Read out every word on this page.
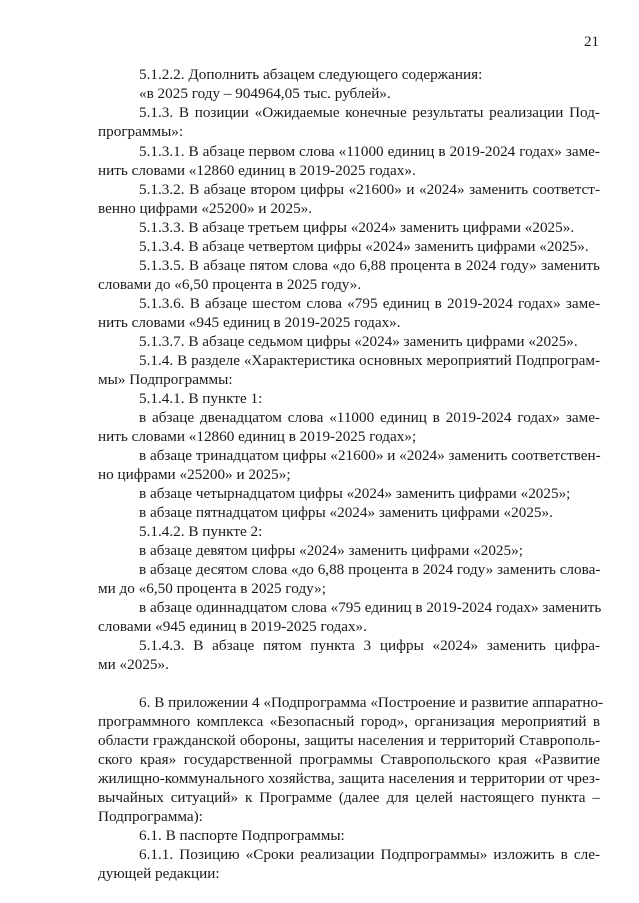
21
5.1.2.2. Дополнить абзацем следующего содержания:
«в 2025 году – 904964,05 тыс. рублей».
5.1.3. В позиции «Ожидаемые конечные результаты реализации Под-
программы»:
5.1.3.1. В абзаце первом слова «11000 единиц в 2019-2024 годах» заме-
нить словами «12860 единиц в 2019-2025 годах».
5.1.3.2. В абзаце втором цифры «21600» и «2024» заменить соответст-
венно цифрами «25200» и 2025».
5.1.3.3. В абзаце третьем цифры «2024» заменить цифрами «2025».
5.1.3.4. В абзаце четвертом цифры «2024» заменить цифрами «2025».
5.1.3.5. В абзаце пятом слова «до 6,88 процента в 2024 году» заменить
словами до «6,50 процента в 2025 году».
5.1.3.6. В абзаце шестом слова «795 единиц в 2019-2024 годах» заме-
нить словами «945 единиц в 2019-2025 годах».
5.1.3.7. В абзаце седьмом цифры «2024» заменить цифрами «2025».
5.1.4. В разделе «Характеристика основных мероприятий Подпрограм-
мы» Подпрограммы:
5.1.4.1. В пункте 1:
в абзаце двенадцатом слова «11000 единиц в 2019-2024 годах» заме-
нить словами «12860 единиц в 2019-2025 годах»;
в абзаце тринадцатом цифры «21600» и «2024» заменить соответствен-
но цифрами «25200» и 2025»;
в абзаце четырнадцатом цифры «2024» заменить цифрами «2025»;
в абзаце пятнадцатом цифры «2024» заменить цифрами «2025».
5.1.4.2. В пункте 2:
в абзаце девятом цифры «2024» заменить цифрами «2025»;
в абзаце десятом слова «до 6,88 процента в 2024 году» заменить слова-
ми до «6,50 процента в 2025 году»;
в абзаце одиннадцатом слова «795 единиц в 2019-2024 годах» заменить
словами «945 единиц в 2019-2025 годах».
5.1.4.3. В абзаце пятом пункта 3 цифры «2024» заменить цифра-
ми «2025».
6. В приложении 4 «Подпрограмма «Построение и развитие аппаратно-
программного комплекса «Безопасный город», организация мероприятий в
области гражданской обороны, защиты населения и территорий Ставрополь-
ского края» государственной программы Ставропольского края «Развитие
жилищно-коммунального хозяйства, защита населения и территории от чрез-
вычайных ситуаций» к Программе (далее для целей настоящего пункта –
Подпрограмма):
6.1. В паспорте Подпрограммы:
6.1.1. Позицию «Сроки реализации Подпрограммы» изложить в сле-
дующей редакции:
